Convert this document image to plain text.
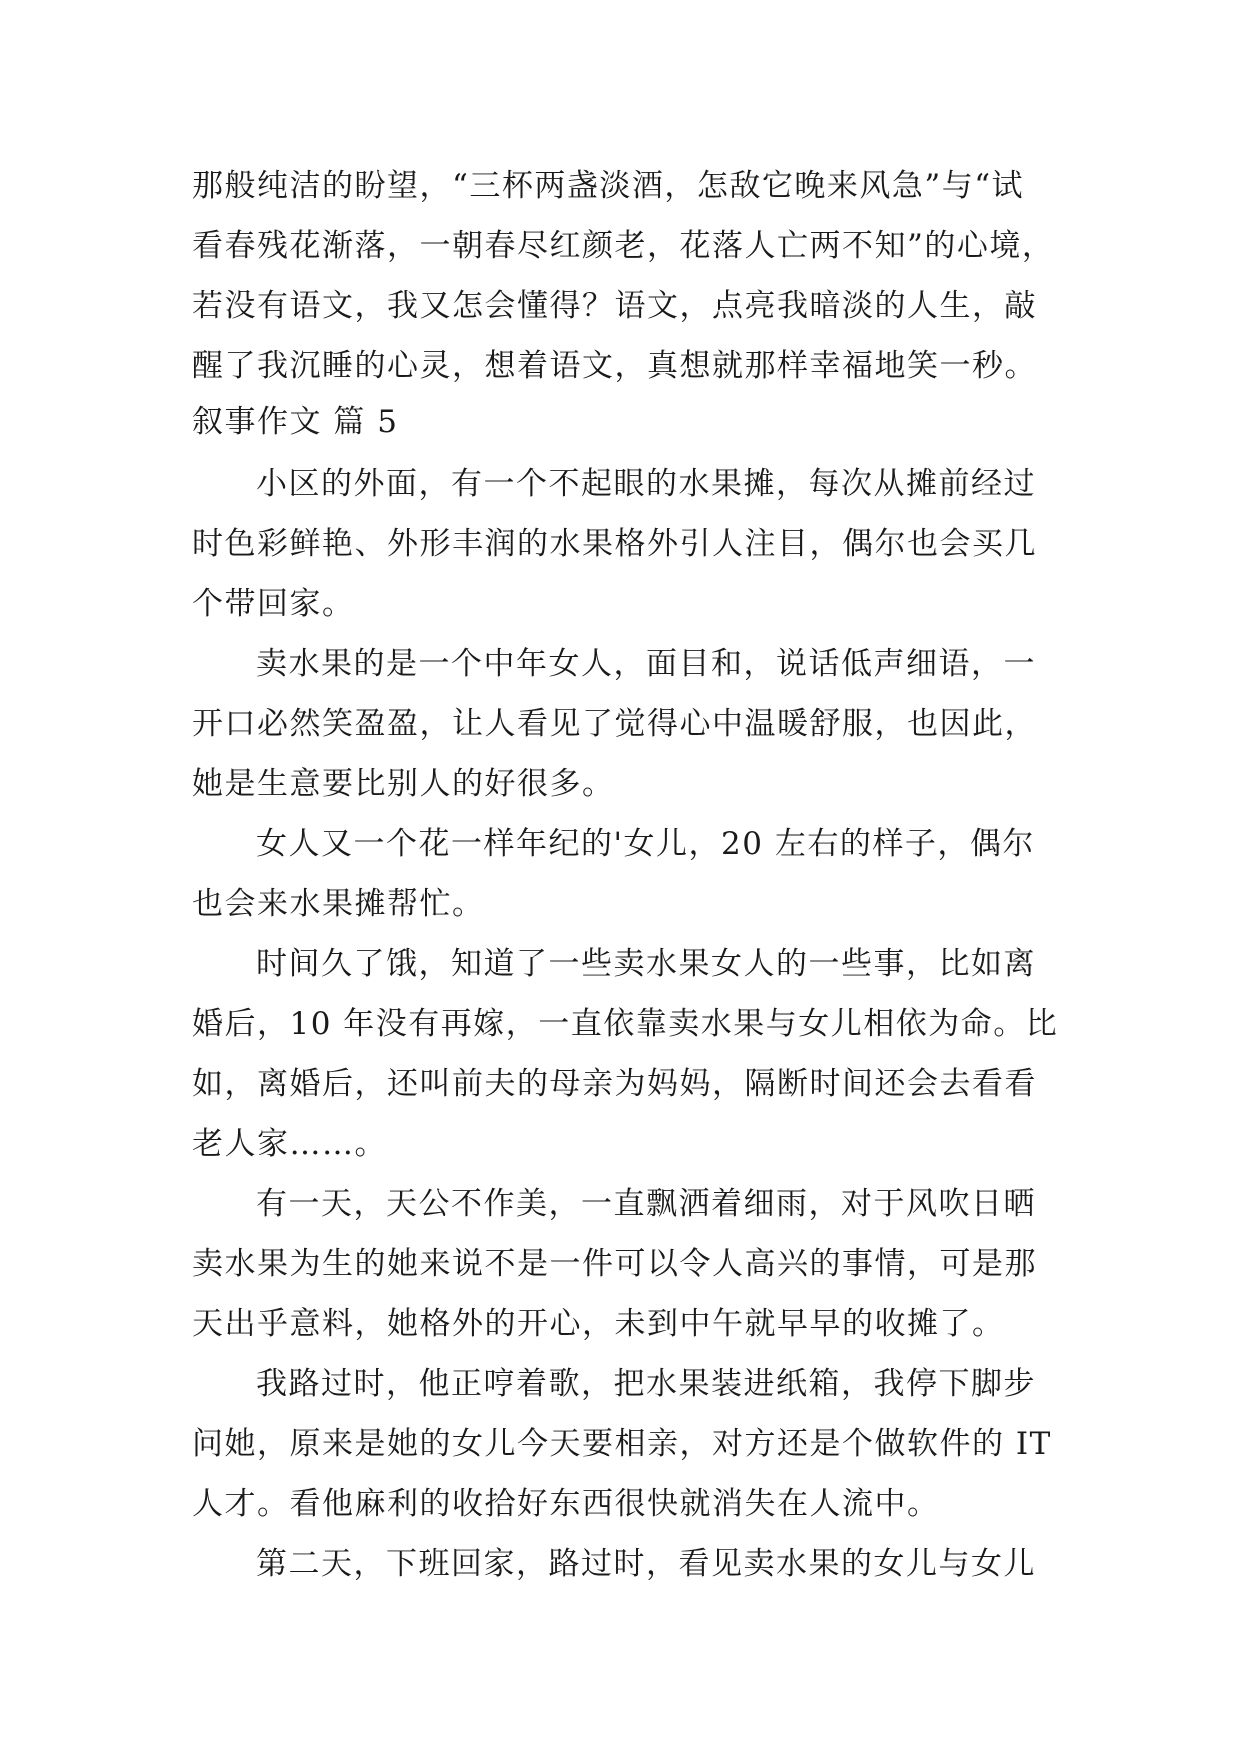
那般纯洁的盼望，“三杯两盏淡酒，怎敌它晚来风急”与“试
看春残花渐落，一朝春尽红颜老，花落人亡两不知”的心境，
若没有语文，我又怎会懂得？语文，点亮我暗淡的人生，敲
醒了我沉睡的心灵，想着语文，真想就那样幸福地笑一秒。
叙事作文 篇 5
小区的外面，有一个不起眼的水果摊，每次从摊前经过
时色彩鲜艳、外形丰润的水果格外引人注目，偶尔也会买几
个带回家。
卖水果的是一个中年女人，面目和，说话低声细语，一
开口必然笑盈盈，让人看见了觉得心中温暖舒服，也因此，
她是生意要比别人的好很多。
女人又一个花一样年纪的'女儿，20 左右的样子，偶尔
也会来水果摊帮忙。
时间久了饿，知道了一些卖水果女人的一些事，比如离
婚后，10 年没有再嫁，一直依靠卖水果与女儿相依为命。比
如，离婚后，还叫前夫的母亲为妈妈，隔断时间还会去看看
老人家……。
有一天，天公不作美，一直飘洒着细雨，对于风吹日晒
卖水果为生的她来说不是一件可以令人高兴的事情，可是那
天出乎意料，她格外的开心，未到中午就早早的收摊了。
我路过时，他正哼着歌，把水果装进纸箱，我停下脚步
问她，原来是她的女儿今天要相亲，对方还是个做软件的 IT
人才。看他麻利的收拾好东西很快就消失在人流中。
第二天，下班回家，路过时，看见卖水果的女儿与女儿
